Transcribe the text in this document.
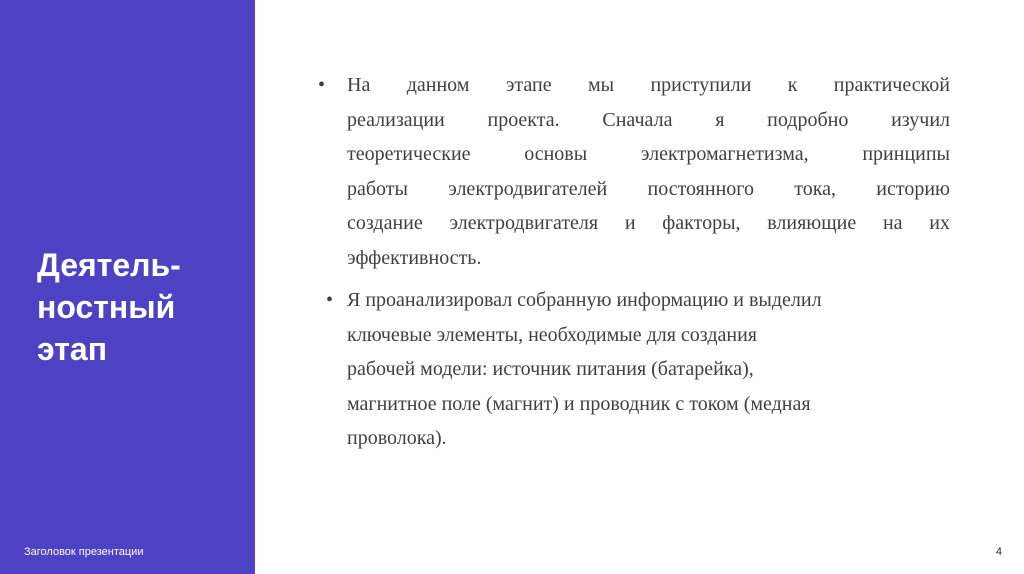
Деятель-
ностный
этап
Заголовок презентации
• На данном этапе мы приступили к практической
реализации проекта. Сначала я подробно изучил
теоретические основы электромагнетизма, принципы
работы электродвигателей постоянного тока, историю
создание электродвигателя и факторы, влияющие на их
эффективность.
• Я проанализировал собранную информацию и выделил
ключевые элементы, необходимые для создания
рабочей модели: источник питания (батарейка),
магнитное поле (магнит) и проводник с током (медная
проволока).
4
